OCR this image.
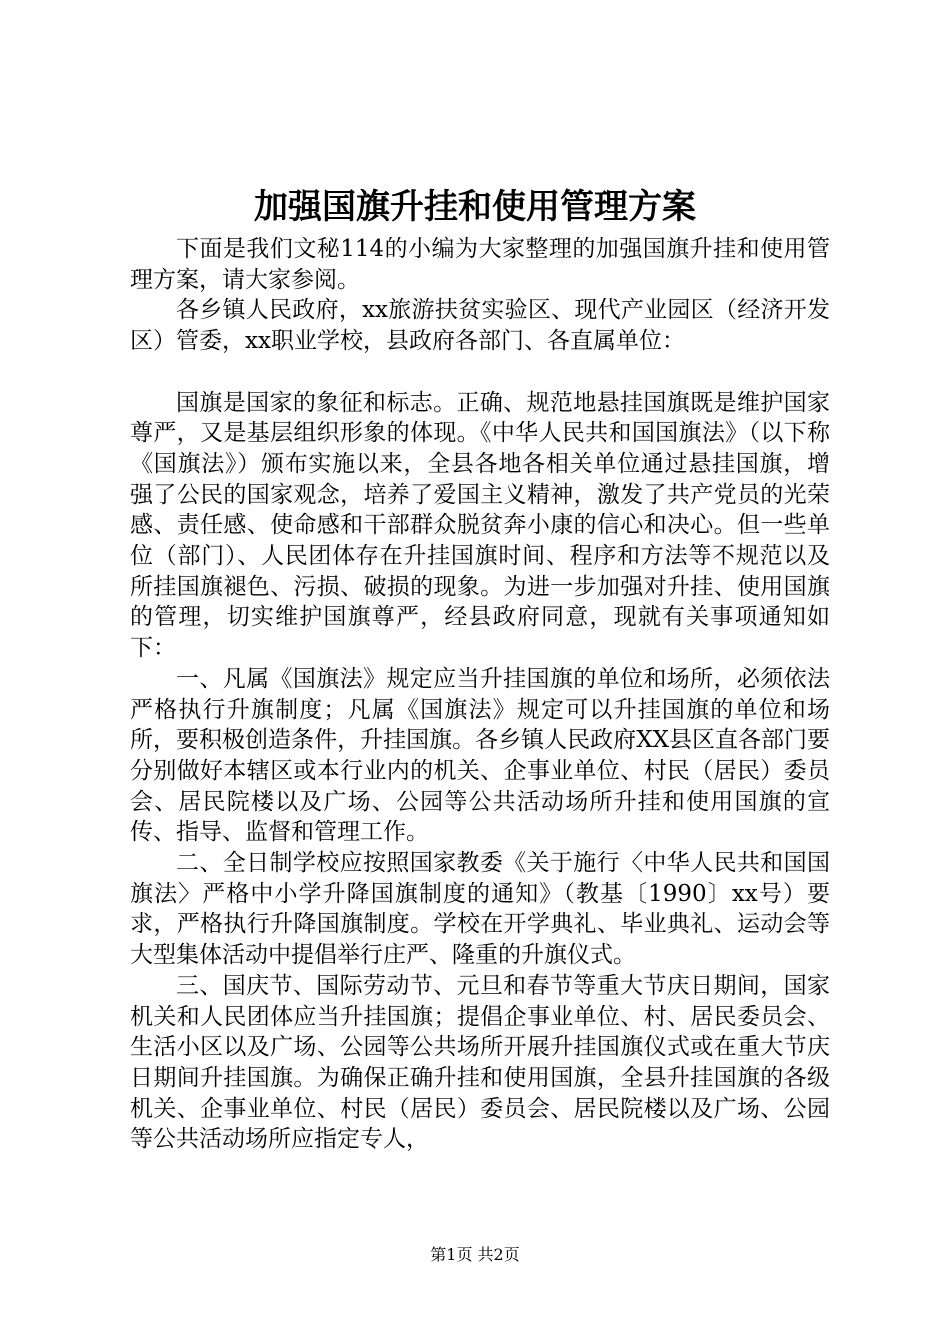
加强国旗升挂和使用管理方案

下面是我们文秘114的小编为大家整理的加强国旗升挂和使用管理方案，请大家参阅。

各乡镇人民政府，xx旅游扶贫实验区、现代产业园区（经济开发区）管委，xx职业学校，县政府各部门、各直属单位：

国旗是国家的象征和标志。正确、规范地悬挂国旗既是维护国家尊严，又是基层组织形象的体现。《中华人民共和国国旗法》（以下称《国旗法》）颁布实施以来，全县各地各相关单位通过悬挂国旗，增强了公民的国家观念，培养了爱国主义精神，激发了共产党员的光荣感、责任感、使命感和干部群众脱贫奔小康的信心和决心。但一些单位（部门）、人民团体存在升挂国旗时间、程序和方法等不规范以及所挂国旗褪色、污损、破损的现象。为进一步加强对升挂、使用国旗的管理，切实维护国旗尊严，经县政府同意，现就有关事项通知如下：

一、凡属《国旗法》规定应当升挂国旗的单位和场所，必须依法严格执行升旗制度；凡属《国旗法》规定可以升挂国旗的单位和场所，要积极创造条件，升挂国旗。各乡镇人民政府XX县区直各部门要分别做好本辖区或本行业内的机关、企事业单位、村民（居民）委员会、居民院楼以及广场、公园等公共活动场所升挂和使用国旗的宣传、指导、监督和管理工作。

二、全日制学校应按照国家教委《关于施行〈中华人民共和国国旗法〉严格中小学升降国旗制度的通知》（教基〔1990〕xx号）要求，严格执行升降国旗制度。学校在开学典礼、毕业典礼、运动会等大型集体活动中提倡举行庄严、隆重的升旗仪式。

三、国庆节、国际劳动节、元旦和春节等重大节庆日期间，国家机关和人民团体应当升挂国旗；提倡企事业单位、村、居民委员会、生活小区以及广场、公园等公共场所开展升挂国旗仪式或在重大节庆日期间升挂国旗。为确保正确升挂和使用国旗，全县升挂国旗的各级机关、企事业单位、村民（居民）委员会、居民院楼以及广场、公园等公共活动场所应指定专人，

第1页 共2页
